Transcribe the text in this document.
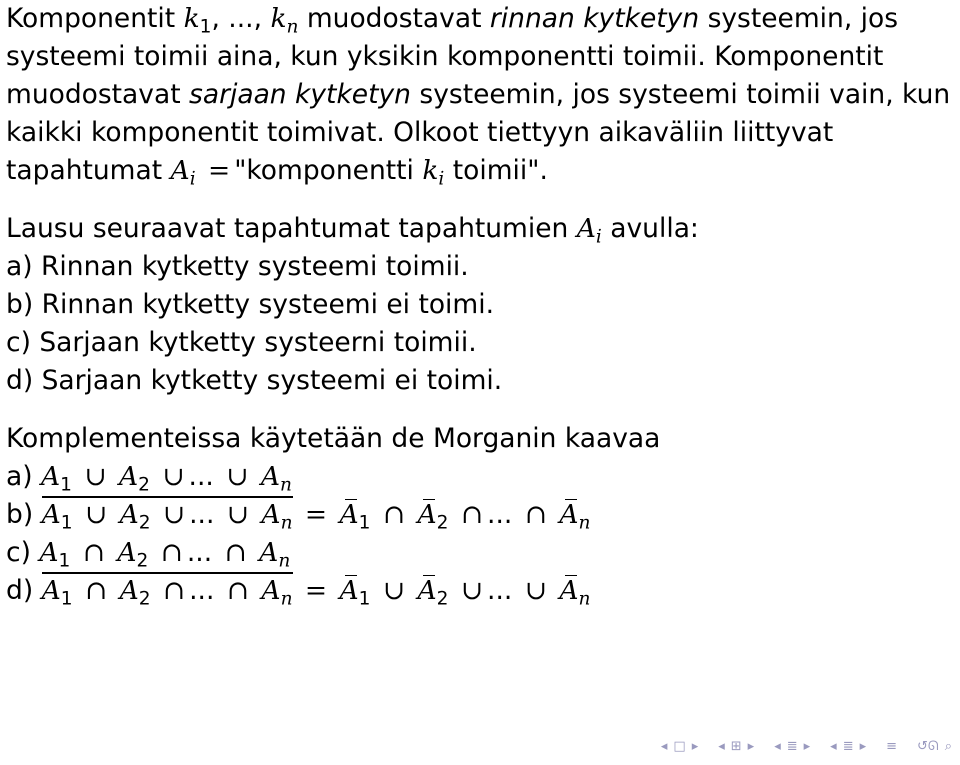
Komponentit $k_1$, ..., $k_n$ muodostavat rinnan kytketyn systeemin, jos systeemi toimii aina, kun yksikin komponentti toimii. Komponentit muodostavat sarjaan kytketyn systeemin, jos systeemi toimii vain, kun kaikki komponentit toimivat. Olkoot tiettyyn aikaväliin liittyvat tapahtumat $A_i$ = "komponentti $k_i$ toimii".

Lausu seuraavat tapahtumat tapahtumien $A_i$ avulla:
a) Rinnan kytketty systeemi toimii.
b) Rinnan kytketty systeemi ei toimi.
c) Sarjaan kytketty systeerni toimii.
d) Sarjaan kytketty systeemi ei toimi.
Komplementeissa käytetään de Morganin kaavaa
a) $A_1$ ∪ $A_2$ ∪ ... ∪ $A_n$
b) $A_1$ ∪ $A_2$ ∪ ... ∪ $A_n = A_1$ ∩ $A_2$ ∩ ... ∩ $A_n$
c) $A_1$ ∩ $A_2$ ∩ ... ∩ $A_n$
d) $A_1$ ∩ $A_2$ ∩ ... ∩ $A_n = A_1$ ∪ $A_2$ ∪ ... ∪ $A_n$
◂ □ ▸ ◂ ⊞ ▸ ◂ ≣ ▸ ◂ ≣ ▸ ≡ ↺ᘏ ⌕
